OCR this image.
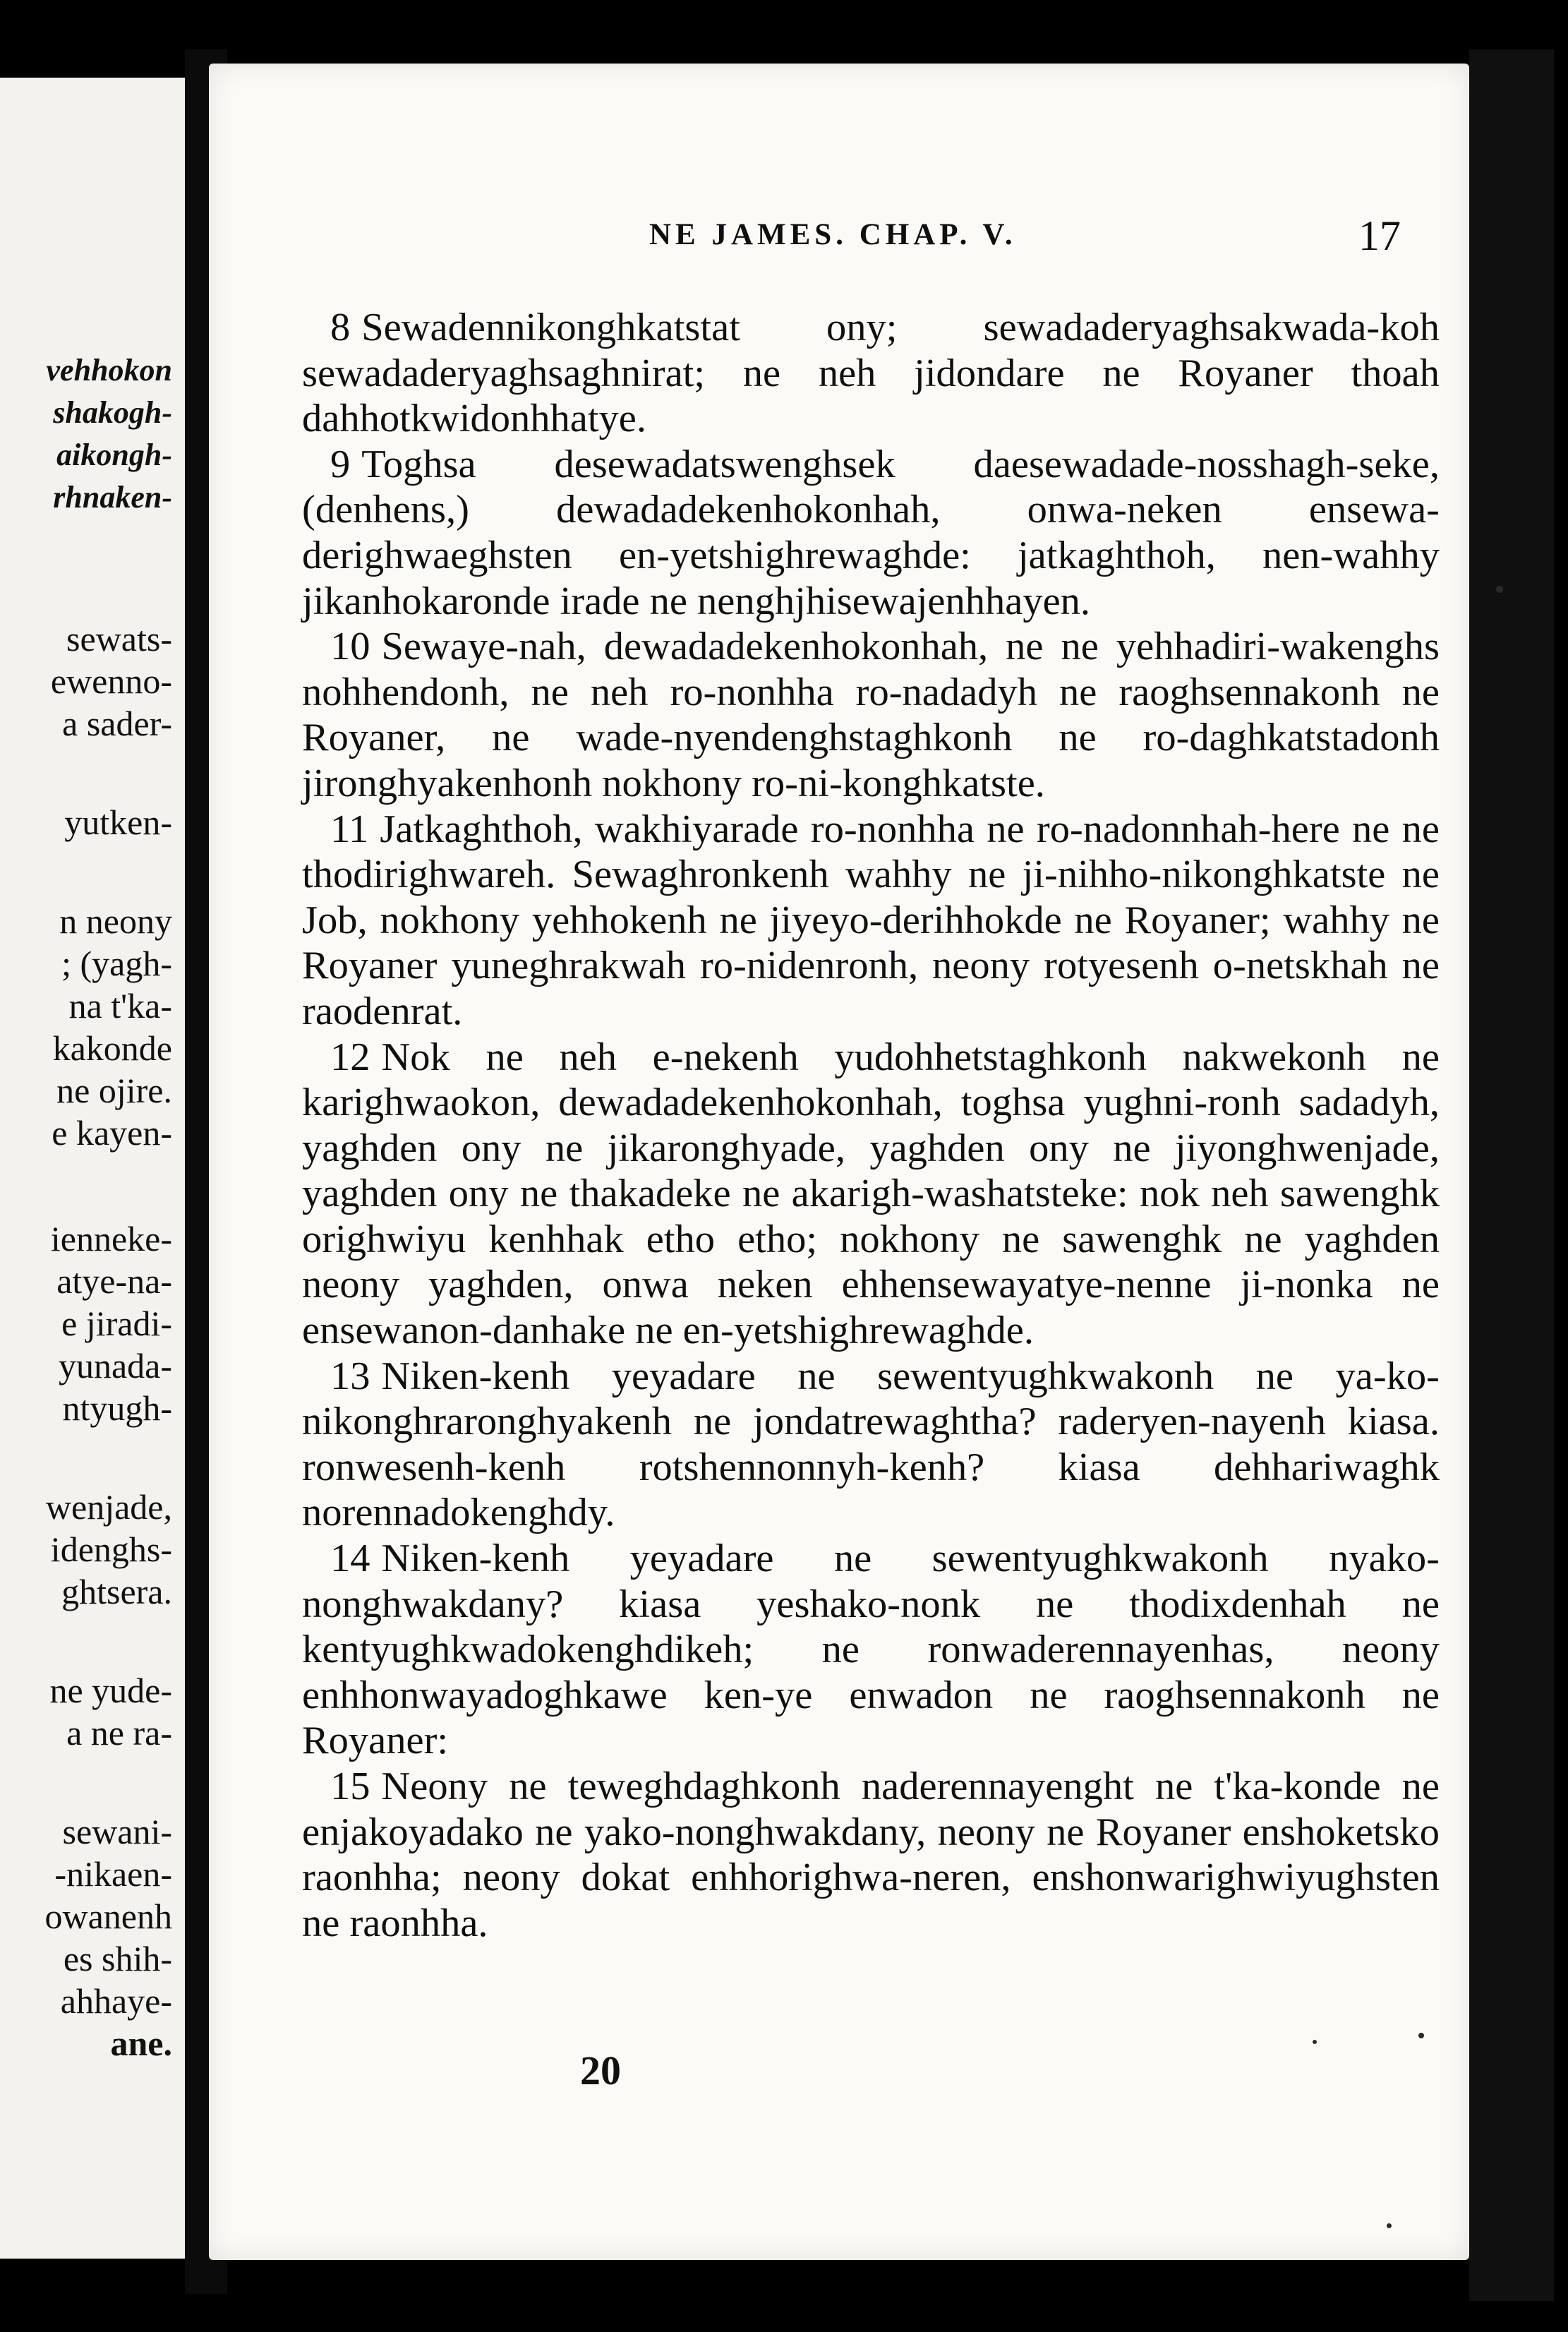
vehhokon
shakogh-
aikongh-
rhnaken-
sewats-
ewenno-
a sader-
yutken-
n neony
; (yagh-
na t'ka-
kakonde
ne ojire.
e kayen-
ienneke-
atye-na-
e jiradi-
yunada-
ntyugh-
wenjade,
idenghs-
ghtsera.
ne yude-
a ne ra-
sewani-
-nikaen-
owanenh
es shih-
ahhaye-
ane.
NE JAMES. CHAP. V.	17

8 Sewadennikonghkatstat ony; sewadaderyaghsakwada-koh sewadaderyaghsaghnirat; ne neh jidondare ne Royaner thoah dahhotkwidonhhatye.

9 Toghsa desewadatswenghsek daesewadade-nosshagh-seke, (denhens,) dewadadekenhokonhah, onwa-neken ensewa-derighwaeghsten en-yetshighrewaghde: jatkaghthoh, nen-wahhy jikanhokaronde irade ne nenghjhisewajenhhayen.

10 Sewaye-nah, dewadadekenhokonhah, ne ne yehhadiri-wakenghs nohhendonh, ne neh ro-nonhha ro-nadadyh ne raoghsennakonh ne Royaner, ne wade-nyendenghstaghkonh ne ro-daghkatstadonh jironghyakenhonh nokhony ro-ni-konghkatste.

11 Jatkaghthoh, wakhiyarade ro-nonhha ne ro-nadonnhah-here ne ne thodirighwareh. Sewaghronkenh wahhy ne ji-nihho-nikonghkatste ne Job, nokhony yehhokenh ne jiyeyo-derihhokde ne Royaner; wahhy ne Royaner yuneghrakwah ro-nidenronh, neony rotyesenh o-netskhah ne raodenrat.

12 Nok ne neh e-nekenh yudohhetstaghkonh nakwekonh ne karighwaokon, dewadadekenhokonhah, toghsa yughni-ronh sadadyh, yaghden ony ne jikaronghyade, yaghden ony ne jiyonghwenjade, yaghden ony ne thakadeke ne akarigh-washatsteke: nok neh sawenghk orighwiyu kenhhak etho etho; nokhony ne sawenghk ne yaghden neony yaghden, onwa neken ehhensewayatye-nenne ji-nonka ne ensewanon-danhake ne en-yetshighrewaghde.

13 Niken-kenh yeyadare ne sewentyughkwakonh ne ya-ko-nikonghraronghyakenh ne jondatrewaghtha? raderyen-nayenh kiasa. ronwesenh-kenh rotshennonnyh-kenh? kiasa dehhariwaghk norennadokenghdy.

14 Niken-kenh yeyadare ne sewentyughkwakonh nyako-nonghwakdany? kiasa yeshako-nonk ne thodixdenhah ne kentyughkwadokenghdikeh; ne ronwaderennayenhas, neony enhhonwayadoghkawe ken-ye enwadon ne raoghsennakonh ne Royaner:

15 Neony ne teweghdaghkonh naderennayenght ne t'ka-konde ne enjakoyadako ne yako-nonghwakdany, neony ne Royaner enshoketsko raonhha; neony dokat enhhorighwa-neren, enshonwarighwiyughsten ne raonhha.

20
